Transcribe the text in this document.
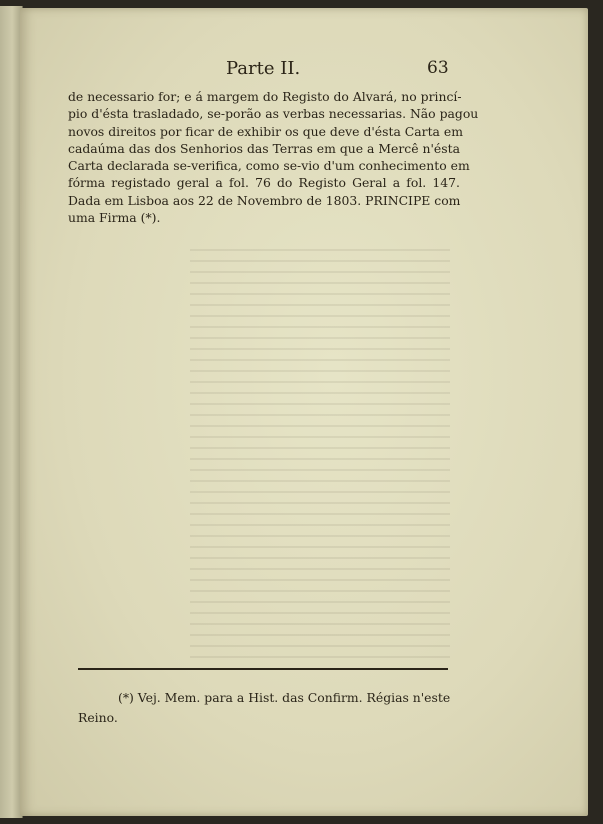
Parte II.	63
de necessario for; e á margem do Registo do Alvará, no princí-
pio d'ésta trasladado, se-porão as verbas necessarias. Não pagou
novos direitos por ficar de exhibir os que deve d'ésta Carta em
cadaúma das dos Senhorios das Terras em que a Mercê n'ésta
Carta declarada se-verifica, como se-vio d'um conhecimento em
fórma registado geral a fol. 76 do Registo Geral a fol. 147.
Dada em Lisboa aos 22 de Novembro de 1803. PRINCIPE com
uma Firma (*).
(*) Vej. Mem. para a Hist. das Confirm. Régias n'este
Reino.
